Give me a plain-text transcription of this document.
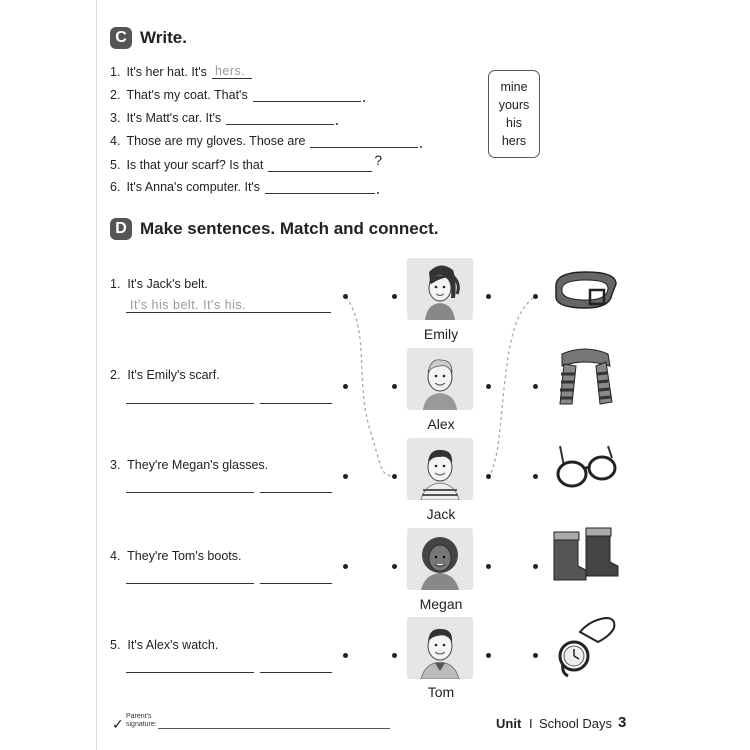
C Write.
1. It's her hat. It's hers.
2. That's my coat. That's
3. It's Matt's car. It's
4. Those are my gloves. Those are
5. Is that your scarf? Is that	?
6. It's Anna's computer. It's
mine
yours
his
hers
D Make sentences. Match and connect.
1. It's Jack's belt.
It's his belt. It's his.
2. It's Emily's scarf.
3. They're Megan's glasses.
4. They're Tom's boots.
5. It's Alex's watch.
Emily
Alex
Jack
Megan
Tom
✓ Parent's
signature:	Unit I School Days 3
